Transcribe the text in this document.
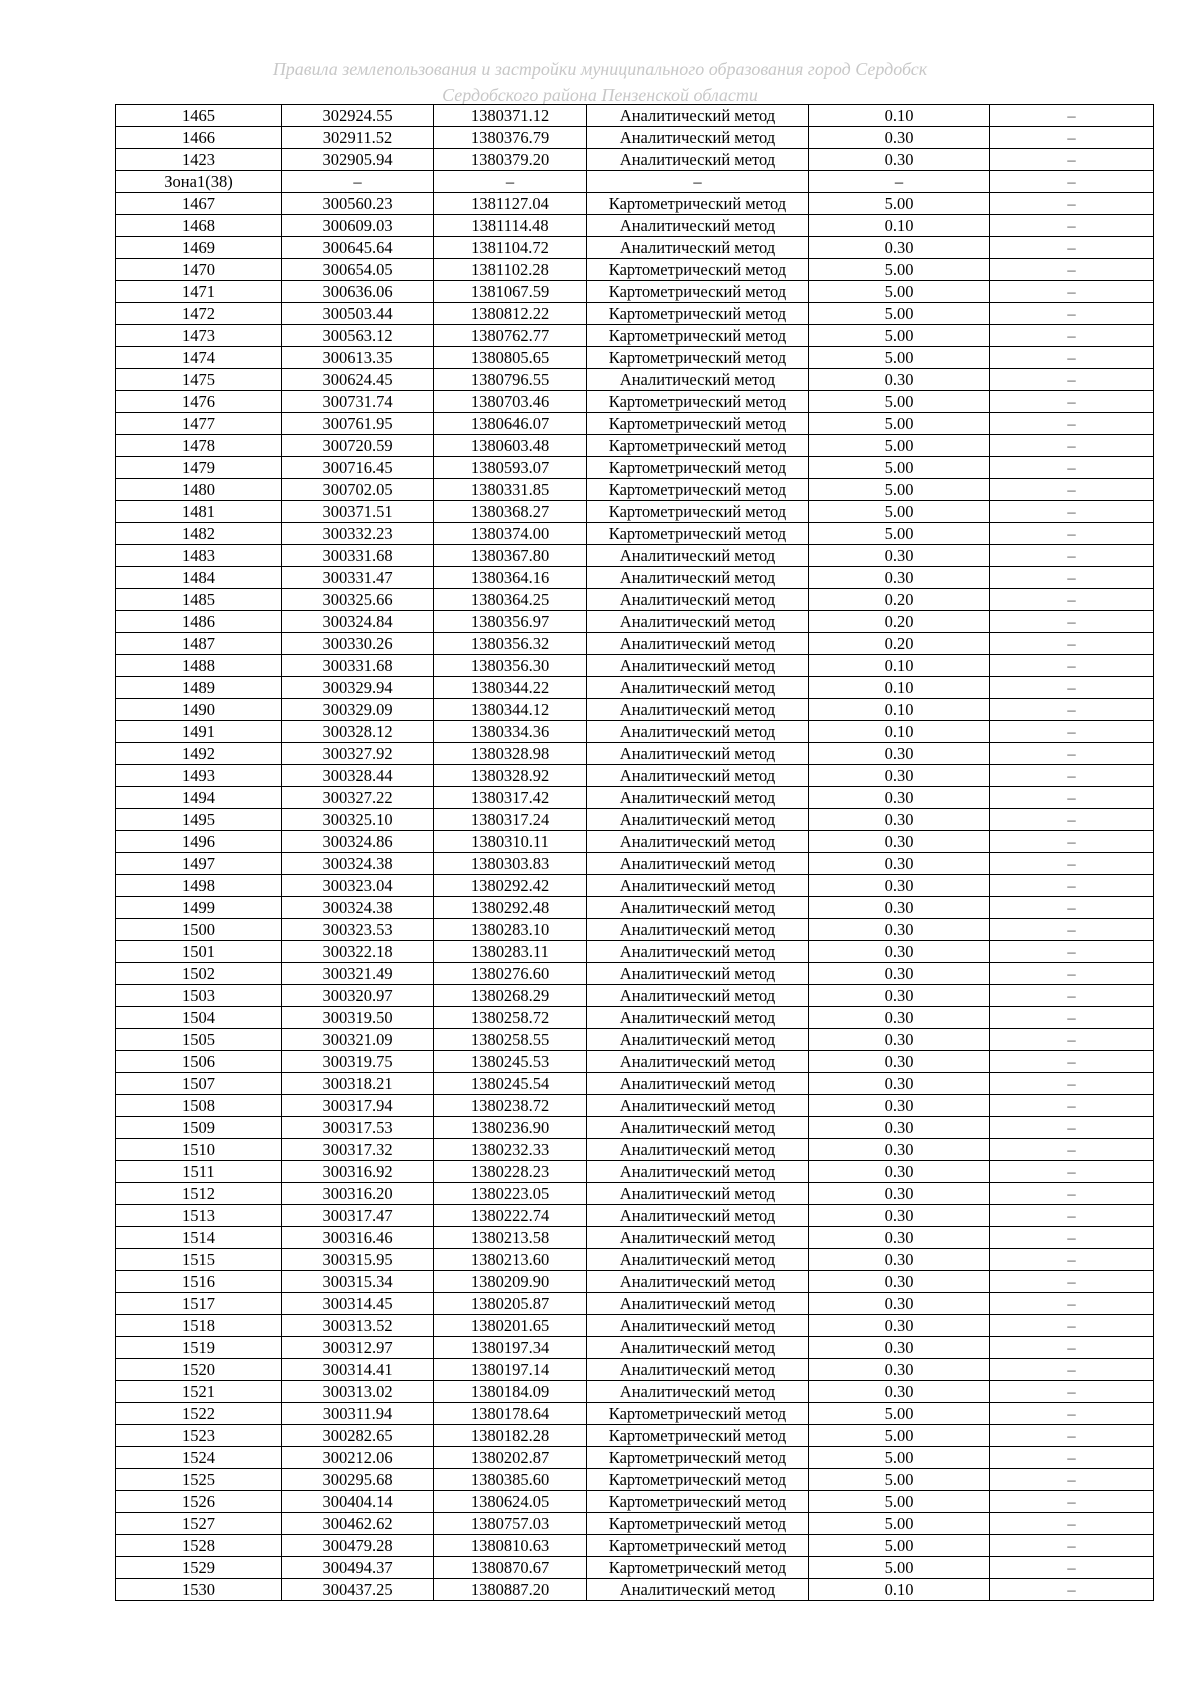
Правила землепользования и застройки муниципального образования город Сердобск
Сердобского района Пензенской области
1465	302924.55	1380371.12	Аналитический метод	0.10	–
1466	302911.52	1380376.79	Аналитический метод	0.30	–
1423	302905.94	1380379.20	Аналитический метод	0.30	–
Зона1(38)	–	–	–	–	–
1467	300560.23	1381127.04	Картометрический метод	5.00	–
1468	300609.03	1381114.48	Аналитический метод	0.10	–
1469	300645.64	1381104.72	Аналитический метод	0.30	–
1470	300654.05	1381102.28	Картометрический метод	5.00	–
1471	300636.06	1381067.59	Картометрический метод	5.00	–
1472	300503.44	1380812.22	Картометрический метод	5.00	–
1473	300563.12	1380762.77	Картометрический метод	5.00	–
1474	300613.35	1380805.65	Картометрический метод	5.00	–
1475	300624.45	1380796.55	Аналитический метод	0.30	–
1476	300731.74	1380703.46	Картометрический метод	5.00	–
1477	300761.95	1380646.07	Картометрический метод	5.00	–
1478	300720.59	1380603.48	Картометрический метод	5.00	–
1479	300716.45	1380593.07	Картометрический метод	5.00	–
1480	300702.05	1380331.85	Картометрический метод	5.00	–
1481	300371.51	1380368.27	Картометрический метод	5.00	–
1482	300332.23	1380374.00	Картометрический метод	5.00	–
1483	300331.68	1380367.80	Аналитический метод	0.30	–
1484	300331.47	1380364.16	Аналитический метод	0.30	–
1485	300325.66	1380364.25	Аналитический метод	0.20	–
1486	300324.84	1380356.97	Аналитический метод	0.20	–
1487	300330.26	1380356.32	Аналитический метод	0.20	–
1488	300331.68	1380356.30	Аналитический метод	0.10	–
1489	300329.94	1380344.22	Аналитический метод	0.10	–
1490	300329.09	1380344.12	Аналитический метод	0.10	–
1491	300328.12	1380334.36	Аналитический метод	0.10	–
1492	300327.92	1380328.98	Аналитический метод	0.30	–
1493	300328.44	1380328.92	Аналитический метод	0.30	–
1494	300327.22	1380317.42	Аналитический метод	0.30	–
1495	300325.10	1380317.24	Аналитический метод	0.30	–
1496	300324.86	1380310.11	Аналитический метод	0.30	–
1497	300324.38	1380303.83	Аналитический метод	0.30	–
1498	300323.04	1380292.42	Аналитический метод	0.30	–
1499	300324.38	1380292.48	Аналитический метод	0.30	–
1500	300323.53	1380283.10	Аналитический метод	0.30	–
1501	300322.18	1380283.11	Аналитический метод	0.30	–
1502	300321.49	1380276.60	Аналитический метод	0.30	–
1503	300320.97	1380268.29	Аналитический метод	0.30	–
1504	300319.50	1380258.72	Аналитический метод	0.30	–
1505	300321.09	1380258.55	Аналитический метод	0.30	–
1506	300319.75	1380245.53	Аналитический метод	0.30	–
1507	300318.21	1380245.54	Аналитический метод	0.30	–
1508	300317.94	1380238.72	Аналитический метод	0.30	–
1509	300317.53	1380236.90	Аналитический метод	0.30	–
1510	300317.32	1380232.33	Аналитический метод	0.30	–
1511	300316.92	1380228.23	Аналитический метод	0.30	–
1512	300316.20	1380223.05	Аналитический метод	0.30	–
1513	300317.47	1380222.74	Аналитический метод	0.30	–
1514	300316.46	1380213.58	Аналитический метод	0.30	–
1515	300315.95	1380213.60	Аналитический метод	0.30	–
1516	300315.34	1380209.90	Аналитический метод	0.30	–
1517	300314.45	1380205.87	Аналитический метод	0.30	–
1518	300313.52	1380201.65	Аналитический метод	0.30	–
1519	300312.97	1380197.34	Аналитический метод	0.30	–
1520	300314.41	1380197.14	Аналитический метод	0.30	–
1521	300313.02	1380184.09	Аналитический метод	0.30	–
1522	300311.94	1380178.64	Картометрический метод	5.00	–
1523	300282.65	1380182.28	Картометрический метод	5.00	–
1524	300212.06	1380202.87	Картометрический метод	5.00	–
1525	300295.68	1380385.60	Картометрический метод	5.00	–
1526	300404.14	1380624.05	Картометрический метод	5.00	–
1527	300462.62	1380757.03	Картометрический метод	5.00	–
1528	300479.28	1380810.63	Картометрический метод	5.00	–
1529	300494.37	1380870.67	Картометрический метод	5.00	–
1530	300437.25	1380887.20	Аналитический метод	0.10	–
